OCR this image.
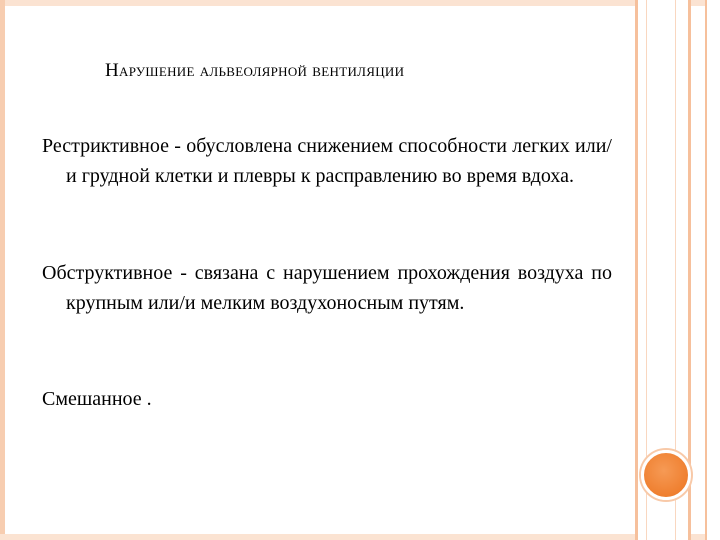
Нарушение альвеолярной вентиляции
Рестриктивное - обусловлена снижением способности легких или/и грудной клетки и плевры к расправлению во время вдоха.
Обструктивное - связана с нарушением прохождения воздуха по крупным или/и мелким воздухоносным путям.
Смешанное .
